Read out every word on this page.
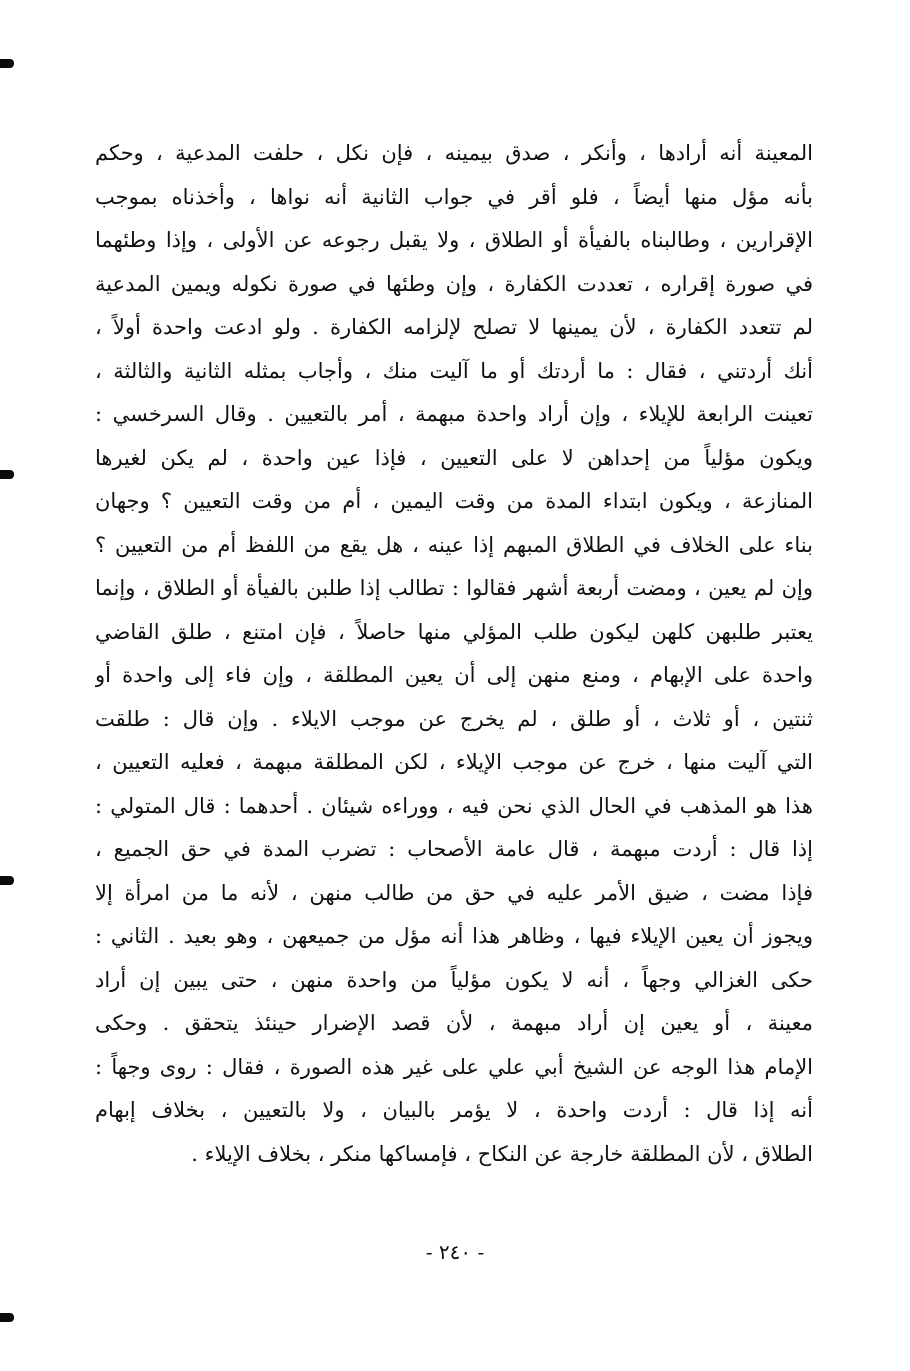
المعينة أنه أرادها ، وأنكر ، صدق بيمينه ، فإن نكل ، حلفت المدعية ، وحكم
بأنه مؤل منها أيضاً ، فلو أقر في جواب الثانية أنه نواها ، وأخذناه بموجب
الإقرارين ، وطالبناه بالفيأة أو الطلاق ، ولا يقبل رجوعه عن الأولى ، وإذا وطئهما
في صورة إقراره ، تعددت الكفارة ، وإن وطئها في صورة نكوله ويمين المدعية
لم تتعدد الكفارة ، لأن يمينها لا تصلح لإلزامه الكفارة . ولو ادعت واحدة أولاً ،
أنك أردتني ، فقال : ما أردتك أو ما آليت منك ، وأجاب بمثله الثانية والثالثة ،
تعينت الرابعة للإيلاء ، وإن أراد واحدة مبهمة ، أمر بالتعيين . وقال السرخسي :
ويكون مؤلياً من إحداهن لا على التعيين ، فإذا عين واحدة ، لم يكن لغيرها
المنازعة ، ويكون ابتداء المدة من وقت اليمين ، أم من وقت التعيين ؟ وجهان
بناء على الخلاف في الطلاق المبهم إذا عينه ، هل يقع من اللفظ أم من التعيين ؟
وإن لم يعين ، ومضت أربعة أشهر فقالوا : تطالب إذا طلبن بالفيأة أو الطلاق ، وإنما
يعتبر طلبهن كلهن ليكون طلب المؤلي منها حاصلاً ، فإن امتنع ، طلق القاضي
واحدة على الإبهام ، ومنع منهن إلى أن يعين المطلقة ، وإن فاء إلى واحدة أو
ثنتين ، أو ثلاث ، أو طلق ، لم يخرج عن موجب الايلاء . وإن قال : طلقت
التي آليت منها ، خرج عن موجب الإيلاء ، لكن المطلقة مبهمة ، فعليه التعيين ،
هذا هو المذهب في الحال الذي نحن فيه ، ووراءه شيئان . أحدهما : قال المتولي :
إذا قال : أردت مبهمة ، قال عامة الأصحاب : تضرب المدة في حق الجميع ،
فإذا مضت ، ضيق الأمر عليه في حق من طالب منهن ، لأنه ما من امرأة إلا
ويجوز أن يعين الإيلاء فيها ، وظاهر هذا أنه مؤل من جميعهن ، وهو بعيد . الثاني :
حكى الغزالي وجهاً ، أنه لا يكون مؤلياً من واحدة منهن ، حتى يبين إن أراد
معينة ، أو يعين إن أراد مبهمة ، لأن قصد الإضرار حينئذ يتحقق . وحكى
الإمام هذا الوجه عن الشيخ أبي علي على غير هذه الصورة ، فقال : روى وجهاً :
أنه إذا قال : أردت واحدة ، لا يؤمر بالبيان ، ولا بالتعيين ، بخلاف إبهام
الطلاق ، لأن المطلقة خارجة عن النكاح ، فإمساكها منكر ، بخلاف الإيلاء .
- ٢٤٠ -
